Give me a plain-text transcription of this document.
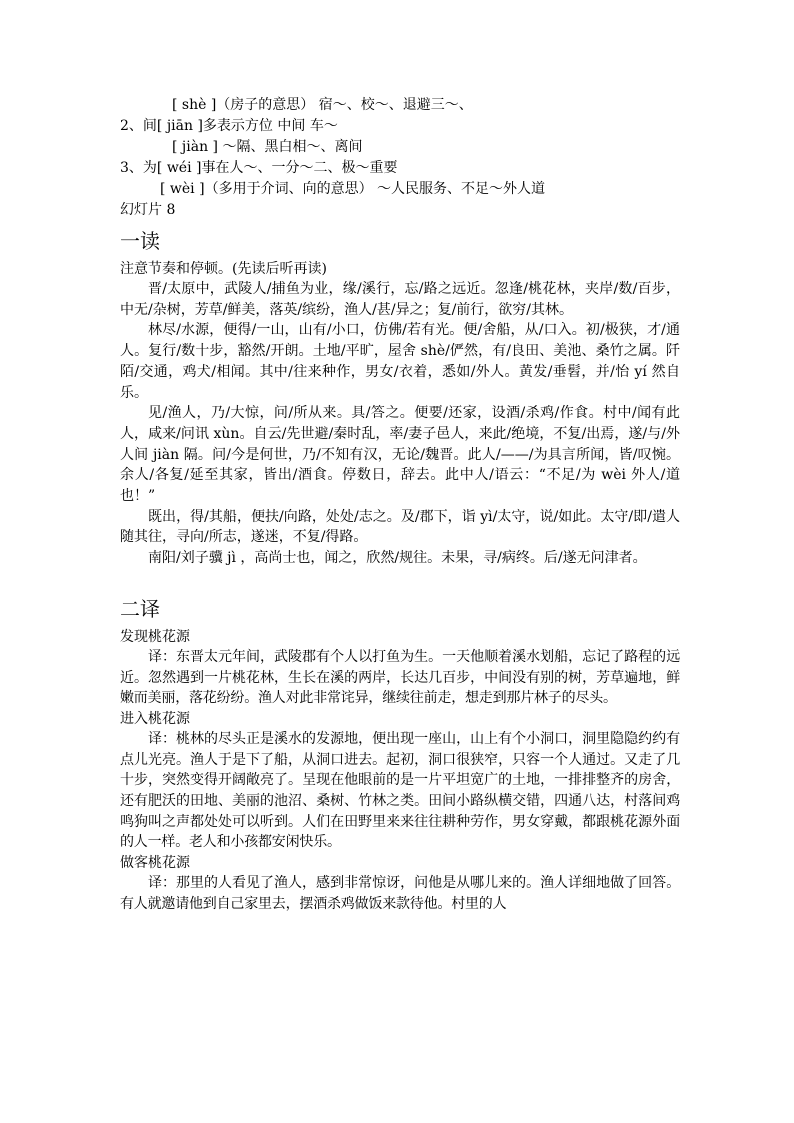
[ shè ]（房子的意思） 宿～、校～、退避三～、
2、间[ jiān ]多表示方位 中间 车～
[ jiàn ] ～隔、黑白相～、离间
3、为[ wéi ]事在人～、一分～二、极～重要
[ wèi ]（多用于介词、向的意思） ～人民服务、不足～外人道
幻灯片 8
一读

注意节奏和停顿。(先读后听再读)

晋/太原中，武陵人/捕鱼为业，缘/溪行，忘/路之远近。忽逢/桃花林，夹岸/数/百步，中无/杂树，芳草/鲜美，落英/缤纷，渔人/甚/异之；复/前行，欲穷/其林。

林尽/水源，便得/一山，山有/小口，仿佛/若有光。便/舍船，从/口入。初/极狭，才/通人。复行/数十步，豁然/开朗。土地/平旷，屋舍 shè/俨然，有/良田、美池、桑竹之属。阡陌/交通，鸡犬/相闻。其中/往来种作，男女/衣着，悉如/外人。黄发/垂髫，并/怡 yí 然自乐。

见/渔人，乃/大惊，问/所从来。具/答之。便要/还家，设酒/杀鸡/作食。村中/闻有此人，咸来/问讯 xùn。自云/先世避/秦时乱，率/妻子邑人，来此/绝境，不复/出焉，遂/与/外人间 jiàn 隔。问/今是何世，乃/不知有汉，无论/魏晋。此人/——/为具言所闻，皆/叹惋。余人/各复/延至其家，皆出/酒食。停数日，辞去。此中人/语云：“不足/为 wèi 外人/道也！”

既出，得/其船，便扶/向路，处处/志之。及/郡下，诣 yì/太守，说/如此。太守/即/遣人随其往，寻向/所志，遂迷，不复/得路。

南阳/刘子骥 jì ，高尚士也，闻之，欣然/规往。未果，寻/病终。后/遂无问津者。

二译

发现桃花源

译：东晋太元年间，武陵郡有个人以打鱼为生。一天他顺着溪水划船，忘记了路程的远近。忽然遇到一片桃花林，生长在溪的两岸，长达几百步，中间没有别的树，芳草遍地，鲜嫩而美丽，落花纷纷。渔人对此非常诧异，继续往前走，想走到那片林子的尽头。

进入桃花源

译：桃林的尽头正是溪水的发源地，便出现一座山，山上有个小洞口，洞里隐隐约约有点儿光亮。渔人于是下了船，从洞口进去。起初，洞口很狭窄，只容一个人通过。又走了几十步，突然变得开阔敞亮了。呈现在他眼前的是一片平坦宽广的土地，一排排整齐的房舍，还有肥沃的田地、美丽的池沼、桑树、竹林之类。田间小路纵横交错，四通八达，村落间鸡鸣狗叫之声都处处可以听到。人们在田野里来来往往耕种劳作，男女穿戴，都跟桃花源外面的人一样。老人和小孩都安闲快乐。

做客桃花源

译：那里的人看见了渔人，感到非常惊讶，问他是从哪儿来的。渔人详细地做了回答。有人就邀请他到自己家里去，摆酒杀鸡做饭来款待他。村里的人
